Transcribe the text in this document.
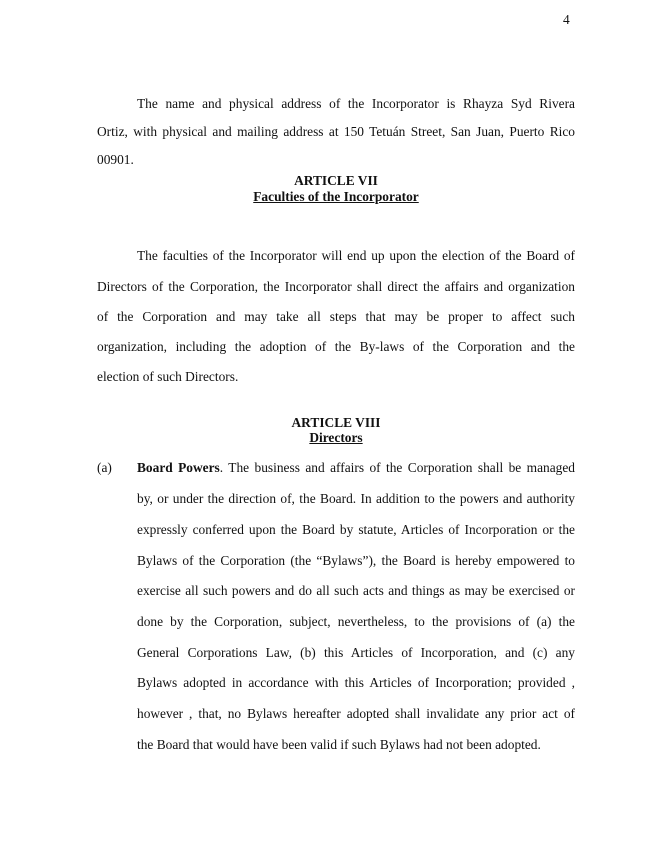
4
The name and physical address of the Incorporator is Rhayza Syd Rivera
Ortiz, with physical and mailing address at 150 Tetuán Street, San Juan, Puerto Rico
00901.
ARTICLE VII
Faculties of the Incorporator
The faculties of the Incorporator will end up upon the election of the Board of
Directors of the Corporation, the Incorporator shall direct the affairs and organization
of the Corporation and may take all steps that may be proper to affect such
organization, including the adoption of the By-laws of the Corporation and the
election of such Directors.
ARTICLE VIII
Directors
(a) Board Powers. The business and affairs of the Corporation shall be managed
by, or under the direction of, the Board. In addition to the powers and authority
expressly conferred upon the Board by statute, Articles of Incorporation or the
Bylaws of the Corporation (the “Bylaws”), the Board is hereby empowered to
exercise all such powers and do all such acts and things as may be exercised or
done by the Corporation, subject, nevertheless, to the provisions of (a) the
General Corporations Law, (b) this Articles of Incorporation, and (c) any
Bylaws adopted in accordance with this Articles of Incorporation; provided ,
however , that, no Bylaws hereafter adopted shall invalidate any prior act of
the Board that would have been valid if such Bylaws had not been adopted.
